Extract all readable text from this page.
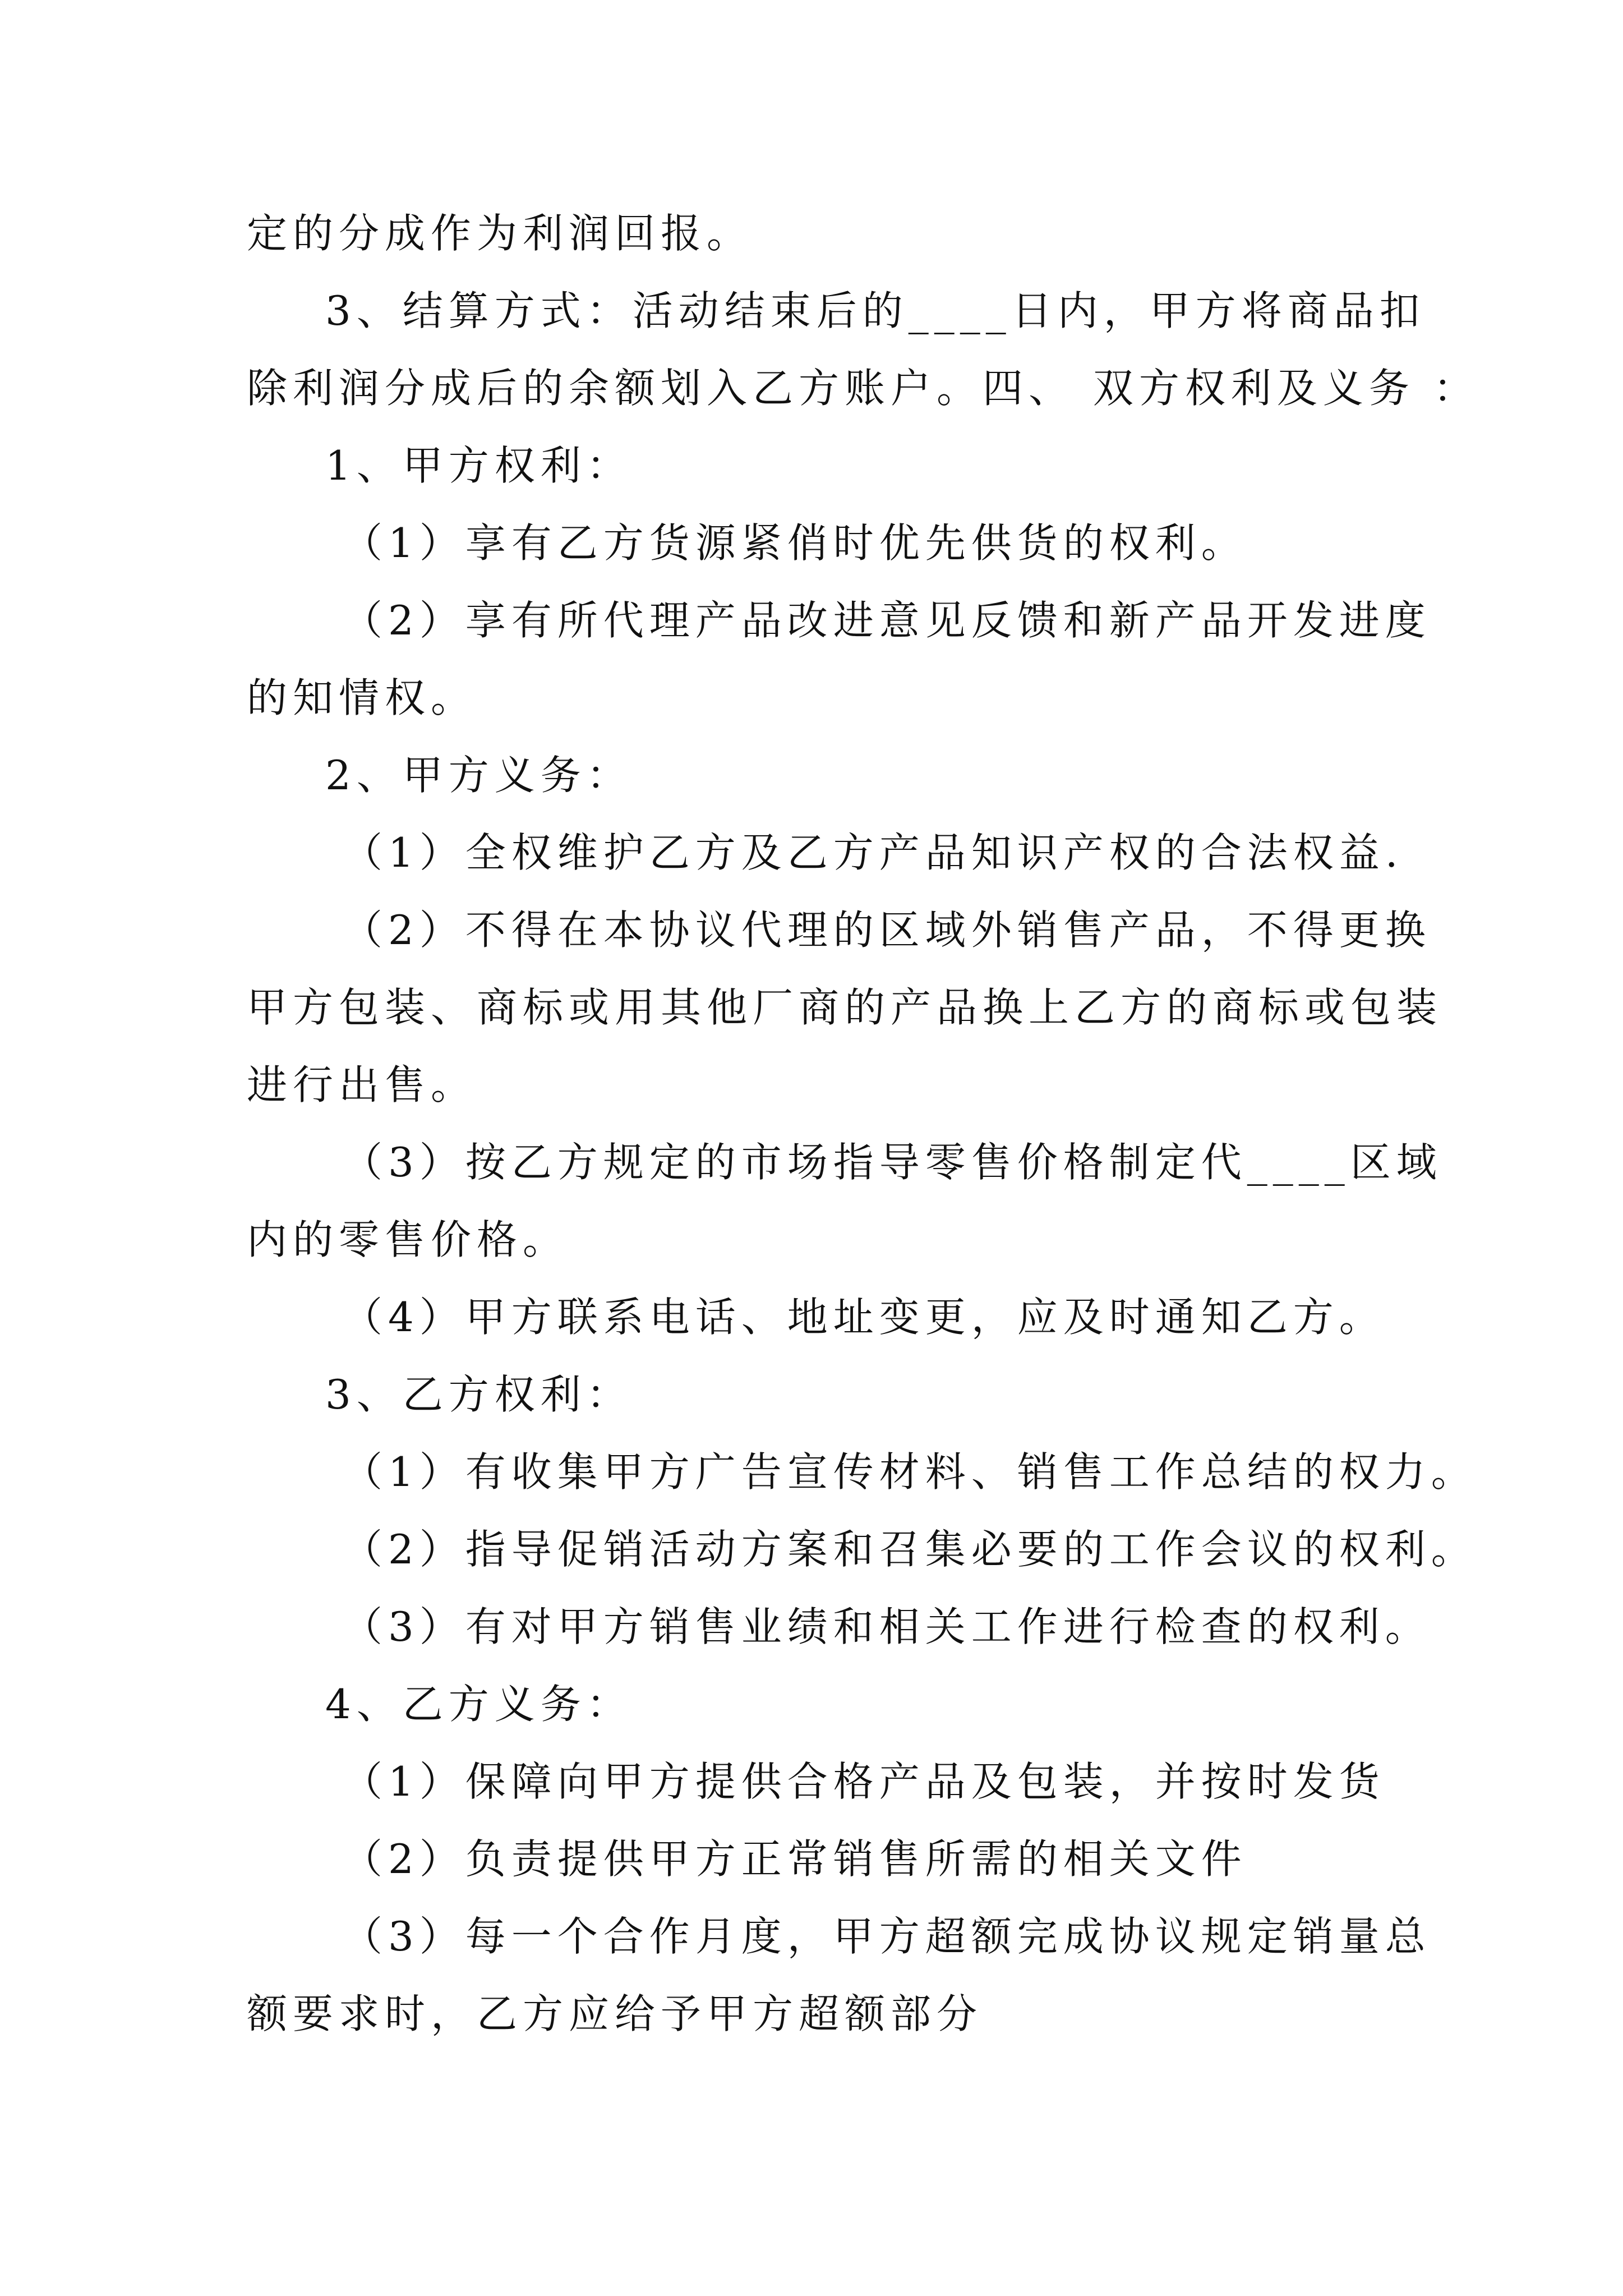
定的分成作为利润回报。
3、结算方式：活动结束后的____日内，甲方将商品扣
除利润分成后的余额划入乙方账户。四、 双方权利及义务 ：
1、甲方权利：
（1）享有乙方货源紧俏时优先供货的权利。
（2）享有所代理产品改进意见反馈和新产品开发进度
的知情权。
2、甲方义务：
（1）全权维护乙方及乙方产品知识产权的合法权益.
（2）不得在本协议代理的区域外销售产品，不得更换
甲方包装、商标或用其他厂商的产品换上乙方的商标或包装
进行出售。
（3）按乙方规定的市场指导零售价格制定代____区域
内的零售价格。
（4）甲方联系电话、地址变更，应及时通知乙方。
3、乙方权利：
（1）有收集甲方广告宣传材料、销售工作总结的权力。
（2）指导促销活动方案和召集必要的工作会议的权利。
（3）有对甲方销售业绩和相关工作进行检查的权利。
4、乙方义务：
（1）保障向甲方提供合格产品及包装，并按时发货
（2）负责提供甲方正常销售所需的相关文件
（3）每一个合作月度，甲方超额完成协议规定销量总
额要求时，乙方应给予甲方超额部分
